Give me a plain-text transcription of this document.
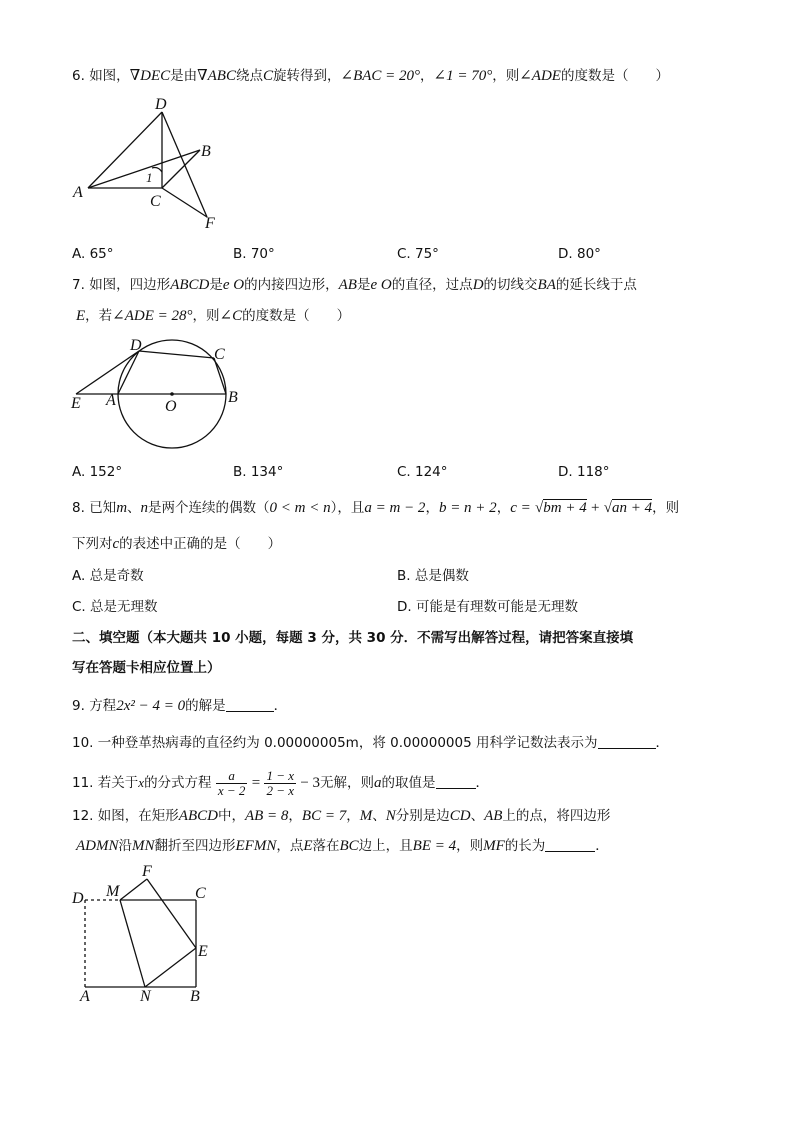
6. 如图，∇DEC是由∇ABC绕点C旋转得到，∠BAC = 20°，∠1 = 70°，则∠ADE的度数是（　　）
D
B
A
C
F
1
A. 65°	B. 70°	C. 75°	D. 80°
7. 如图，四边形ABCD是e O的内接四边形，AB是e O的直径，过点D的切线交BA的延长线于点
E，若∠ADE = 28°，则∠C的度数是（　　）
D
C
E A	O
B
A. 152°	B. 134°	C. 124°	D. 118°
8. 已知m、n是两个连续的偶数（0 < m < n），且a = m − 2，b = n + 2，c = √bm + 4 + √an + 4，则
下列对c的表述中正确的是（　　）
A. 总是奇数	B. 总是偶数
C. 总是无理数	D. 可能是有理数可能是无理数
二、填空题（本大题共 10 小题，每题 3 分，共 30 分．不需写出解答过程，请把答案直接填
写在答题卡相应位置上）
9. 方程2x² − 4 = 0的解是	．
10. 一种登革热病毒的直径约为 0.00000005m，将 0.00000005 用科学记数法表示为	．
11. 若关于x的分式方程 $\frac{a}{x - 2} = \frac{1 - x}{2 - x} - 3$无解，则a的取值是	．
12. 如图，在矩形ABCD中，AB = 8，BC = 7，M、N分别是边CD、AB上的点，将四边形
ADMN沿MN翻折至四边形EFMN，点E落在BC边上，且BE = 4，则MF的长为	．
D M
F
C
E
A	N B
